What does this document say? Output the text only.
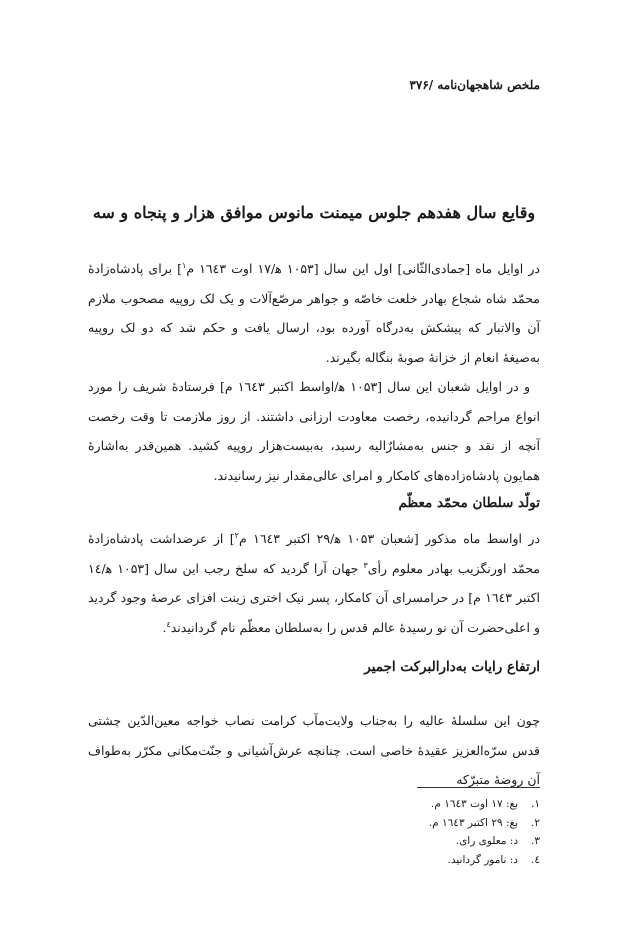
ملخص شاهجهان‌نامه /۳۷۶
وقایع سال هفدهم جلوس میمنت مانوس موافق هزار و پنجاه و سه

در اوایل ماه [جمادی‌الثّانی] اول این سال [۱۰۵۳ ه‍/۱۷ اوت ۱٦٤۳ م$^۱$] برای پادشاه‌زادۀ محمّد شاه شجاع بهادر خلعت خاصّه و جواهر مرصّع‌آلات و یک لک روپیه مصحوب ملازم آن والاتبار که پیشکش به‌درگاه آورده بود، ارسال یافت و حکم شد که دو لک روپیه به‌صیغۀ انعام از خزانۀ صوبۀ بنگاله بگیرند.

و در اوایل شعبان این سال [۱۰۵۳ ه‍/اواسط اکتبر ۱٦٤۳ م] فرستادۀ شریف را مورد انواع مراحم گردانیده، رخصت معاودت ارزانی داشتند. از روز ملازمت تا وقت رخصت آنچه از نقد و جنس به‌مشارٌالیه رسید، به‌بیست‌هزار روپیه کشید. همین‌قدر به‌اشارۀ همایون پادشاه‌زاده‌های کامکار و امرای عالی‌مقدار نیز رسانیدند.

تولّد سلطان محمّد معظّم

در اواسط ماه مذکور [شعبان ۱۰۵۳ ه‍/۲۹ اکتبر ۱٦٤۳ م$^۲$] از عرضداشت پادشاه‌زادۀ محمّد اورنگزیب بهادر معلوم رأی$^۳$ جهان آرا گردید که سلخ رجب این سال [۱۰۵۳ ه‍/۱٤ اکتبر ۱٦٤۳ م] در حرامسرای آن کامکار، پسر نیک اختری زینت افزای عرصۀ وجود گردید و اعلی‌حضرت آن نو رسیدۀ عالم قدس را به‌سلطان معظّم نام گردانیدند$^٤$.

ارتفاع رایات به‌دارالبرکت اجمیر

چون این سلسلۀ عالیه را به‌جناب ولایت‌مآب کرامت نصاب خواجه معین‌الدّین چشتی قدس سرّه‌العزیز عقیدۀ خاصی است. چنانچه عرش‌آشیانی و جنّت‌مکانی مکرّر به‌طواف آن روضۀ متبرّکه

۱.
بغ: ۱۷ اوت ۱٦٤۳ م.
۲.
بغ: ۲۹ اکتبر ۱٦٤۳ م.
۳.
د: معلوی رای.
٤.
د: نامور گردانید.
